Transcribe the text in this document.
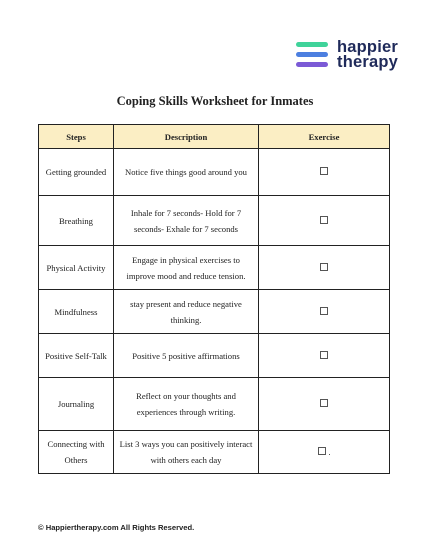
happier
therapy
Coping Skills Worksheet for Inmates
Steps	Description	Exercise
Getting grounded	Notice five things good around you	
Breathing	Inhale for 7 seconds- Hold for 7 seconds- Exhale for 7 seconds	
Physical Activity	Engage in physical exercises to improve mood and reduce tension.	
Mindfulness	stay present and reduce negative thinking.	
Positive Self-Talk	Positive 5 positive affirmations	
Journaling	Reflect on your thoughts and experiences through writing.	
Connecting with Others	List 3 ways you can positively interact with others each day	.
© Happiertherapy.com All Rights Reserved.
